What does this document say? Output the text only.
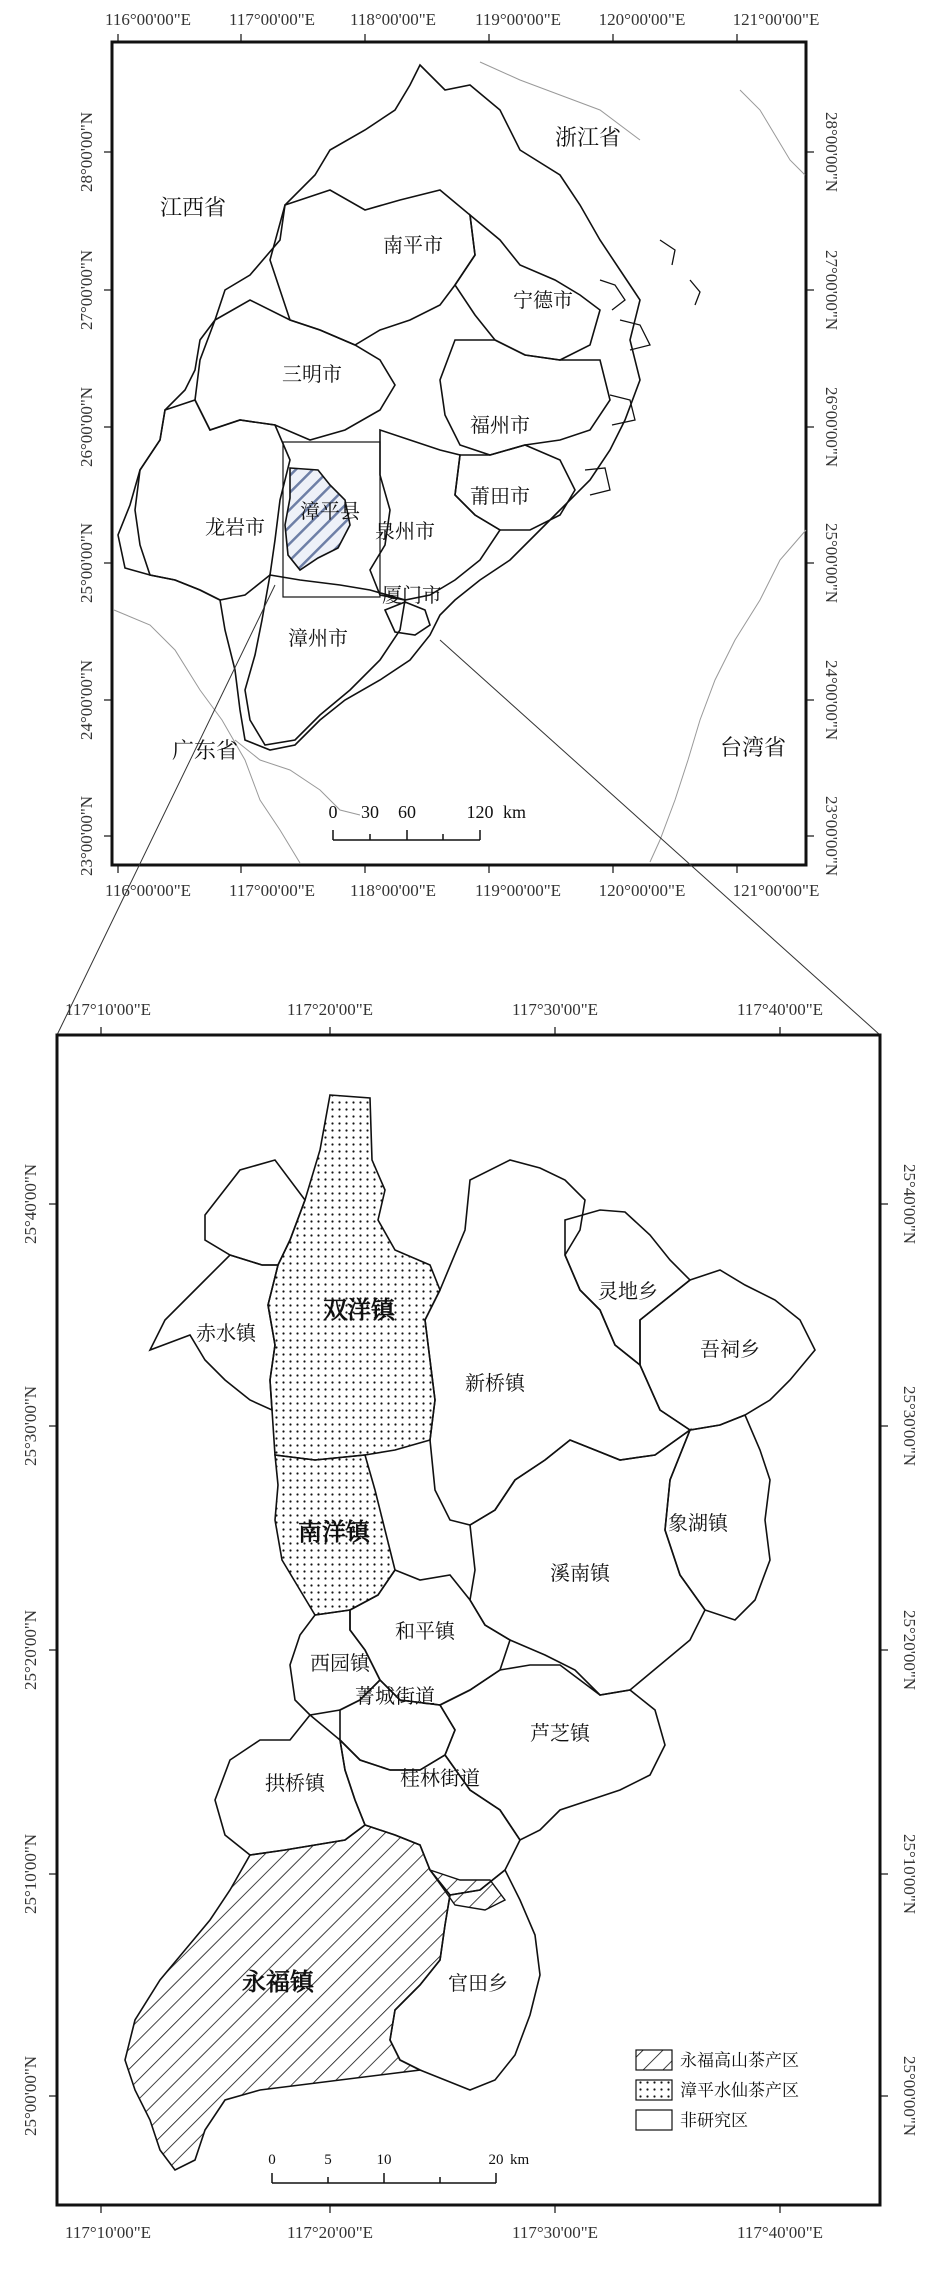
116°00'00"E 117°00'00"E 118°00'00"E 119°00'00"E 120°00'00"E	121°00'00"E
116°00'00"E 117°00'00"E 118°00'00"E 119°00'00"E 120°00'00"E	121°00'00"E
28°00'00"N
27°00'00"N
26°00'00"N
25°00'00"N
24°00'00"N
23°00'00"N
28°00'00"N
27°00'00"N
26°00'00"N
25°00'00"N
24°00'00"N
23°00'00"N
浙江省
江西省
广东省	台湾省
南平市
宁德市
三明市
福州市
莆田市
龙岩市	泉州市
漳州市
厦门市
漳平县
0 30 60	120 km
117°10'00"E	117°20'00"E	117°30'00"E	117°40'00"E
117°10'00"E	117°20'00"E	117°30'00"E	117°40'00"E
25°40'00"N
25°30'00"N
25°20'00"N
25°10'00"N
25°00'00"N
25°40'00"N
25°30'00"N
25°20'00"N
25°10'00"N
25°00'00"N
双洋镇
赤水镇
新桥镇
灵地乡
吾祠乡
南洋镇	象湖镇
溪南镇
和平镇
西园镇
菁城街道
芦芝镇
拱桥镇	桂林街道
永福镇	官田乡
永福高山茶产区
漳平水仙茶产区
非研究区
0	5	10	20 km
